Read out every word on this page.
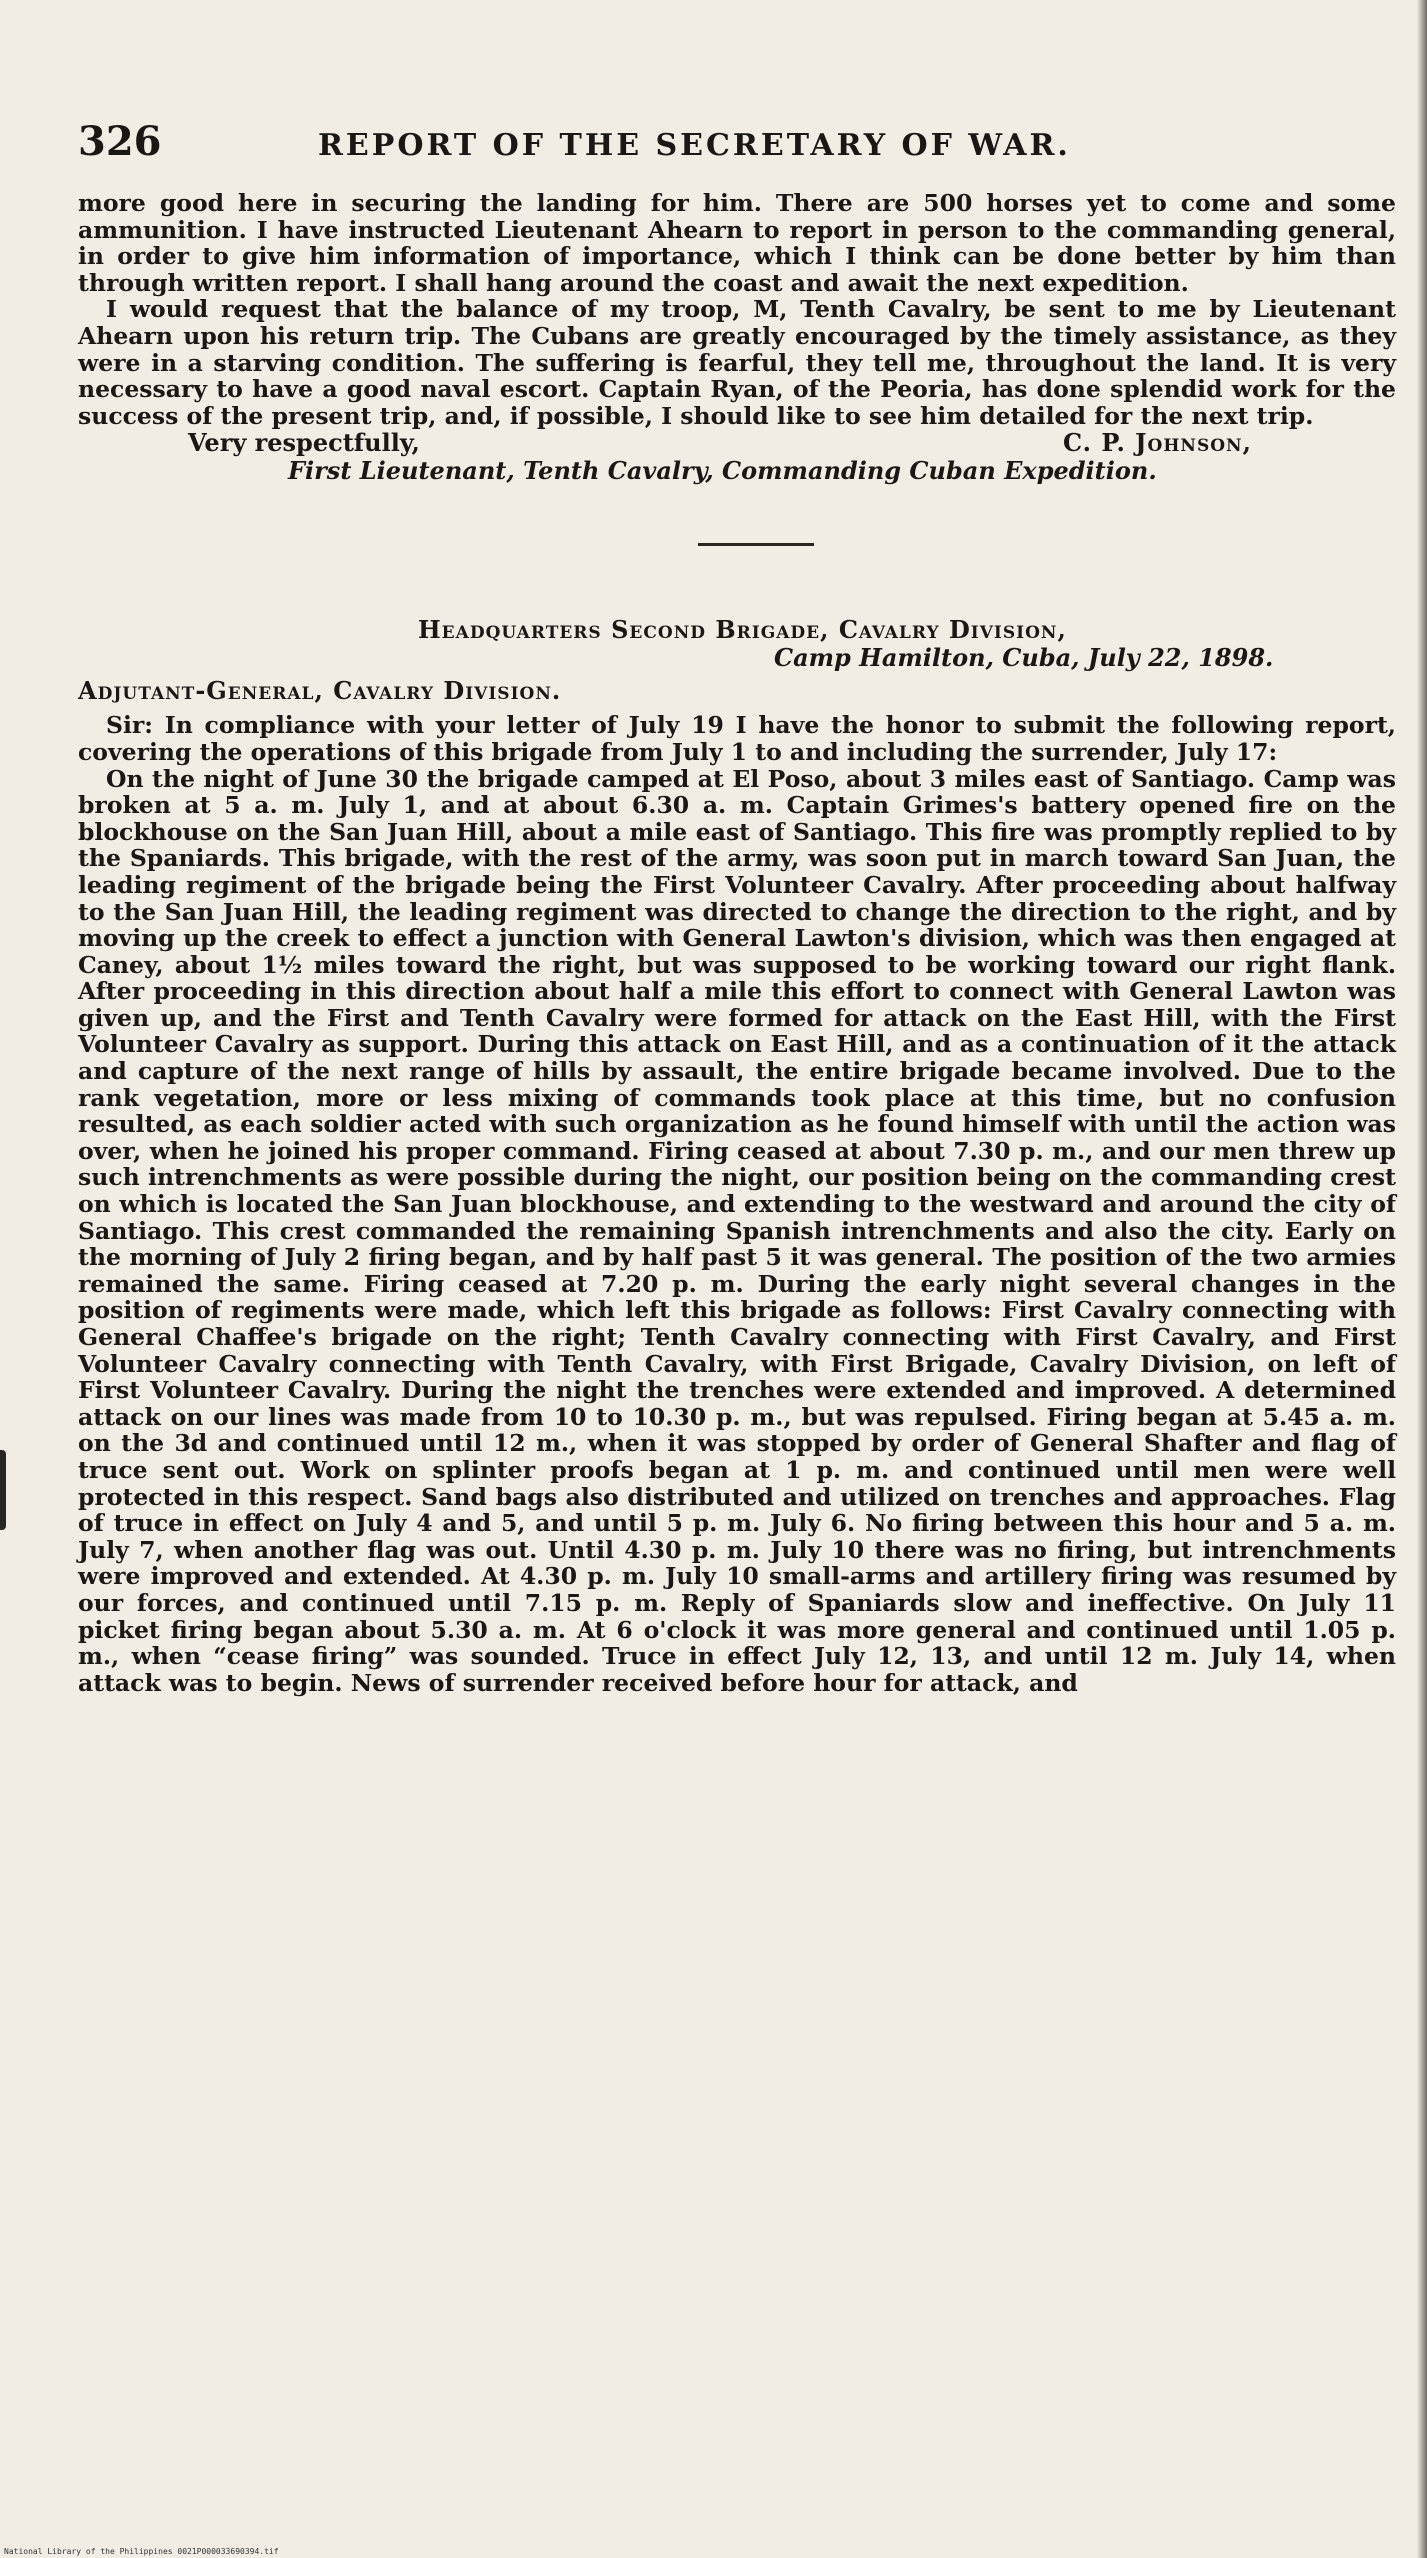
326	REPORT OF THE SECRETARY OF WAR.

more good here in securing the landing for him. There are 500 horses yet to come and some ammunition. I have instructed Lieutenant Ahearn to report in person to the commanding general, in order to give him information of importance, which I think can be done better by him than through written report. I shall hang around the coast and await the next expedition.

I would request that the balance of my troop, M, Tenth Cavalry, be sent to me by Lieutenant Ahearn upon his return trip. The Cubans are greatly encouraged by the timely assistance, as they were in a starving condition. The suffering is fearful, they tell me, throughout the land. It is very necessary to have a good naval escort. Captain Ryan, of the Peoria, has done splendid work for the success of the present trip, and, if possible, I should like to see him detailed for the next trip.

Very respectfully,	C. P. Johnson,
First Lieutenant, Tenth Cavalry, Commanding Cuban Expedition.
Headquarters Second Brigade, Cavalry Division,
Camp Hamilton, Cuba, July 22, 1898.
Adjutant-General, Cavalry Division.

Sir: In compliance with your letter of July 19 I have the honor to submit the following report, covering the operations of this brigade from July 1 to and including the surrender, July 17:

On the night of June 30 the brigade camped at El Poso, about 3 miles east of Santiago. Camp was broken at 5 a. m. July 1, and at about 6.30 a. m. Captain Grimes's battery opened fire on the blockhouse on the San Juan Hill, about a mile east of Santiago. This fire was promptly replied to by the Spaniards. This brigade, with the rest of the army, was soon put in march toward San Juan, the leading regiment of the brigade being the First Volunteer Cavalry. After proceeding about halfway to the San Juan Hill, the leading regiment was directed to change the direction to the right, and by moving up the creek to effect a junction with General Lawton's division, which was then engaged at Caney, about 1½ miles toward the right, but was supposed to be working toward our right flank. After proceeding in this direction about half a mile this effort to connect with General Lawton was given up, and the First and Tenth Cavalry were formed for attack on the East Hill, with the First Volunteer Cavalry as support. During this attack on East Hill, and as a continuation of it the attack and capture of the next range of hills by assault, the entire brigade became involved. Due to the rank vegetation, more or less mixing of commands took place at this time, but no confusion resulted, as each soldier acted with such organization as he found himself with until the action was over, when he joined his proper command. Firing ceased at about 7.30 p. m., and our men threw up such intrenchments as were possible during the night, our position being on the commanding crest on which is located the San Juan blockhouse, and extending to the westward and around the city of Santiago. This crest commanded the remaining Spanish intrenchments and also the city. Early on the morning of July 2 firing began, and by half past 5 it was general. The position of the two armies remained the same. Firing ceased at 7.20 p. m. During the early night several changes in the position of regiments were made, which left this brigade as follows: First Cavalry connecting with General Chaffee's brigade on the right; Tenth Cavalry connecting with First Cavalry, and First Volunteer Cavalry connecting with Tenth Cavalry, with First Brigade, Cavalry Division, on left of First Volunteer Cavalry. During the night the trenches were extended and improved. A determined attack on our lines was made from 10 to 10.30 p. m., but was repulsed. Firing began at 5.45 a. m. on the 3d and continued until 12 m., when it was stopped by order of General Shafter and flag of truce sent out. Work on splinter proofs began at 1 p. m. and continued until men were well protected in this respect. Sand bags also distributed and utilized on trenches and approaches. Flag of truce in effect on July 4 and 5, and until 5 p. m. July 6. No firing between this hour and 5 a. m. July 7, when another flag was out. Until 4.30 p. m. July 10 there was no firing, but intrenchments were improved and extended. At 4.30 p. m. July 10 small-arms and artillery firing was resumed by our forces, and continued until 7.15 p. m. Reply of Spaniards slow and ineffective. On July 11 picket firing began about 5.30 a. m. At 6 o'clock it was more general and continued until 1.05 p. m., when “cease firing” was sounded. Truce in effect July 12, 13, and until 12 m. July 14, when attack was to begin. News of surrender received before hour for attack, and

National Library of the Philippines 0021P000033690394.tif
